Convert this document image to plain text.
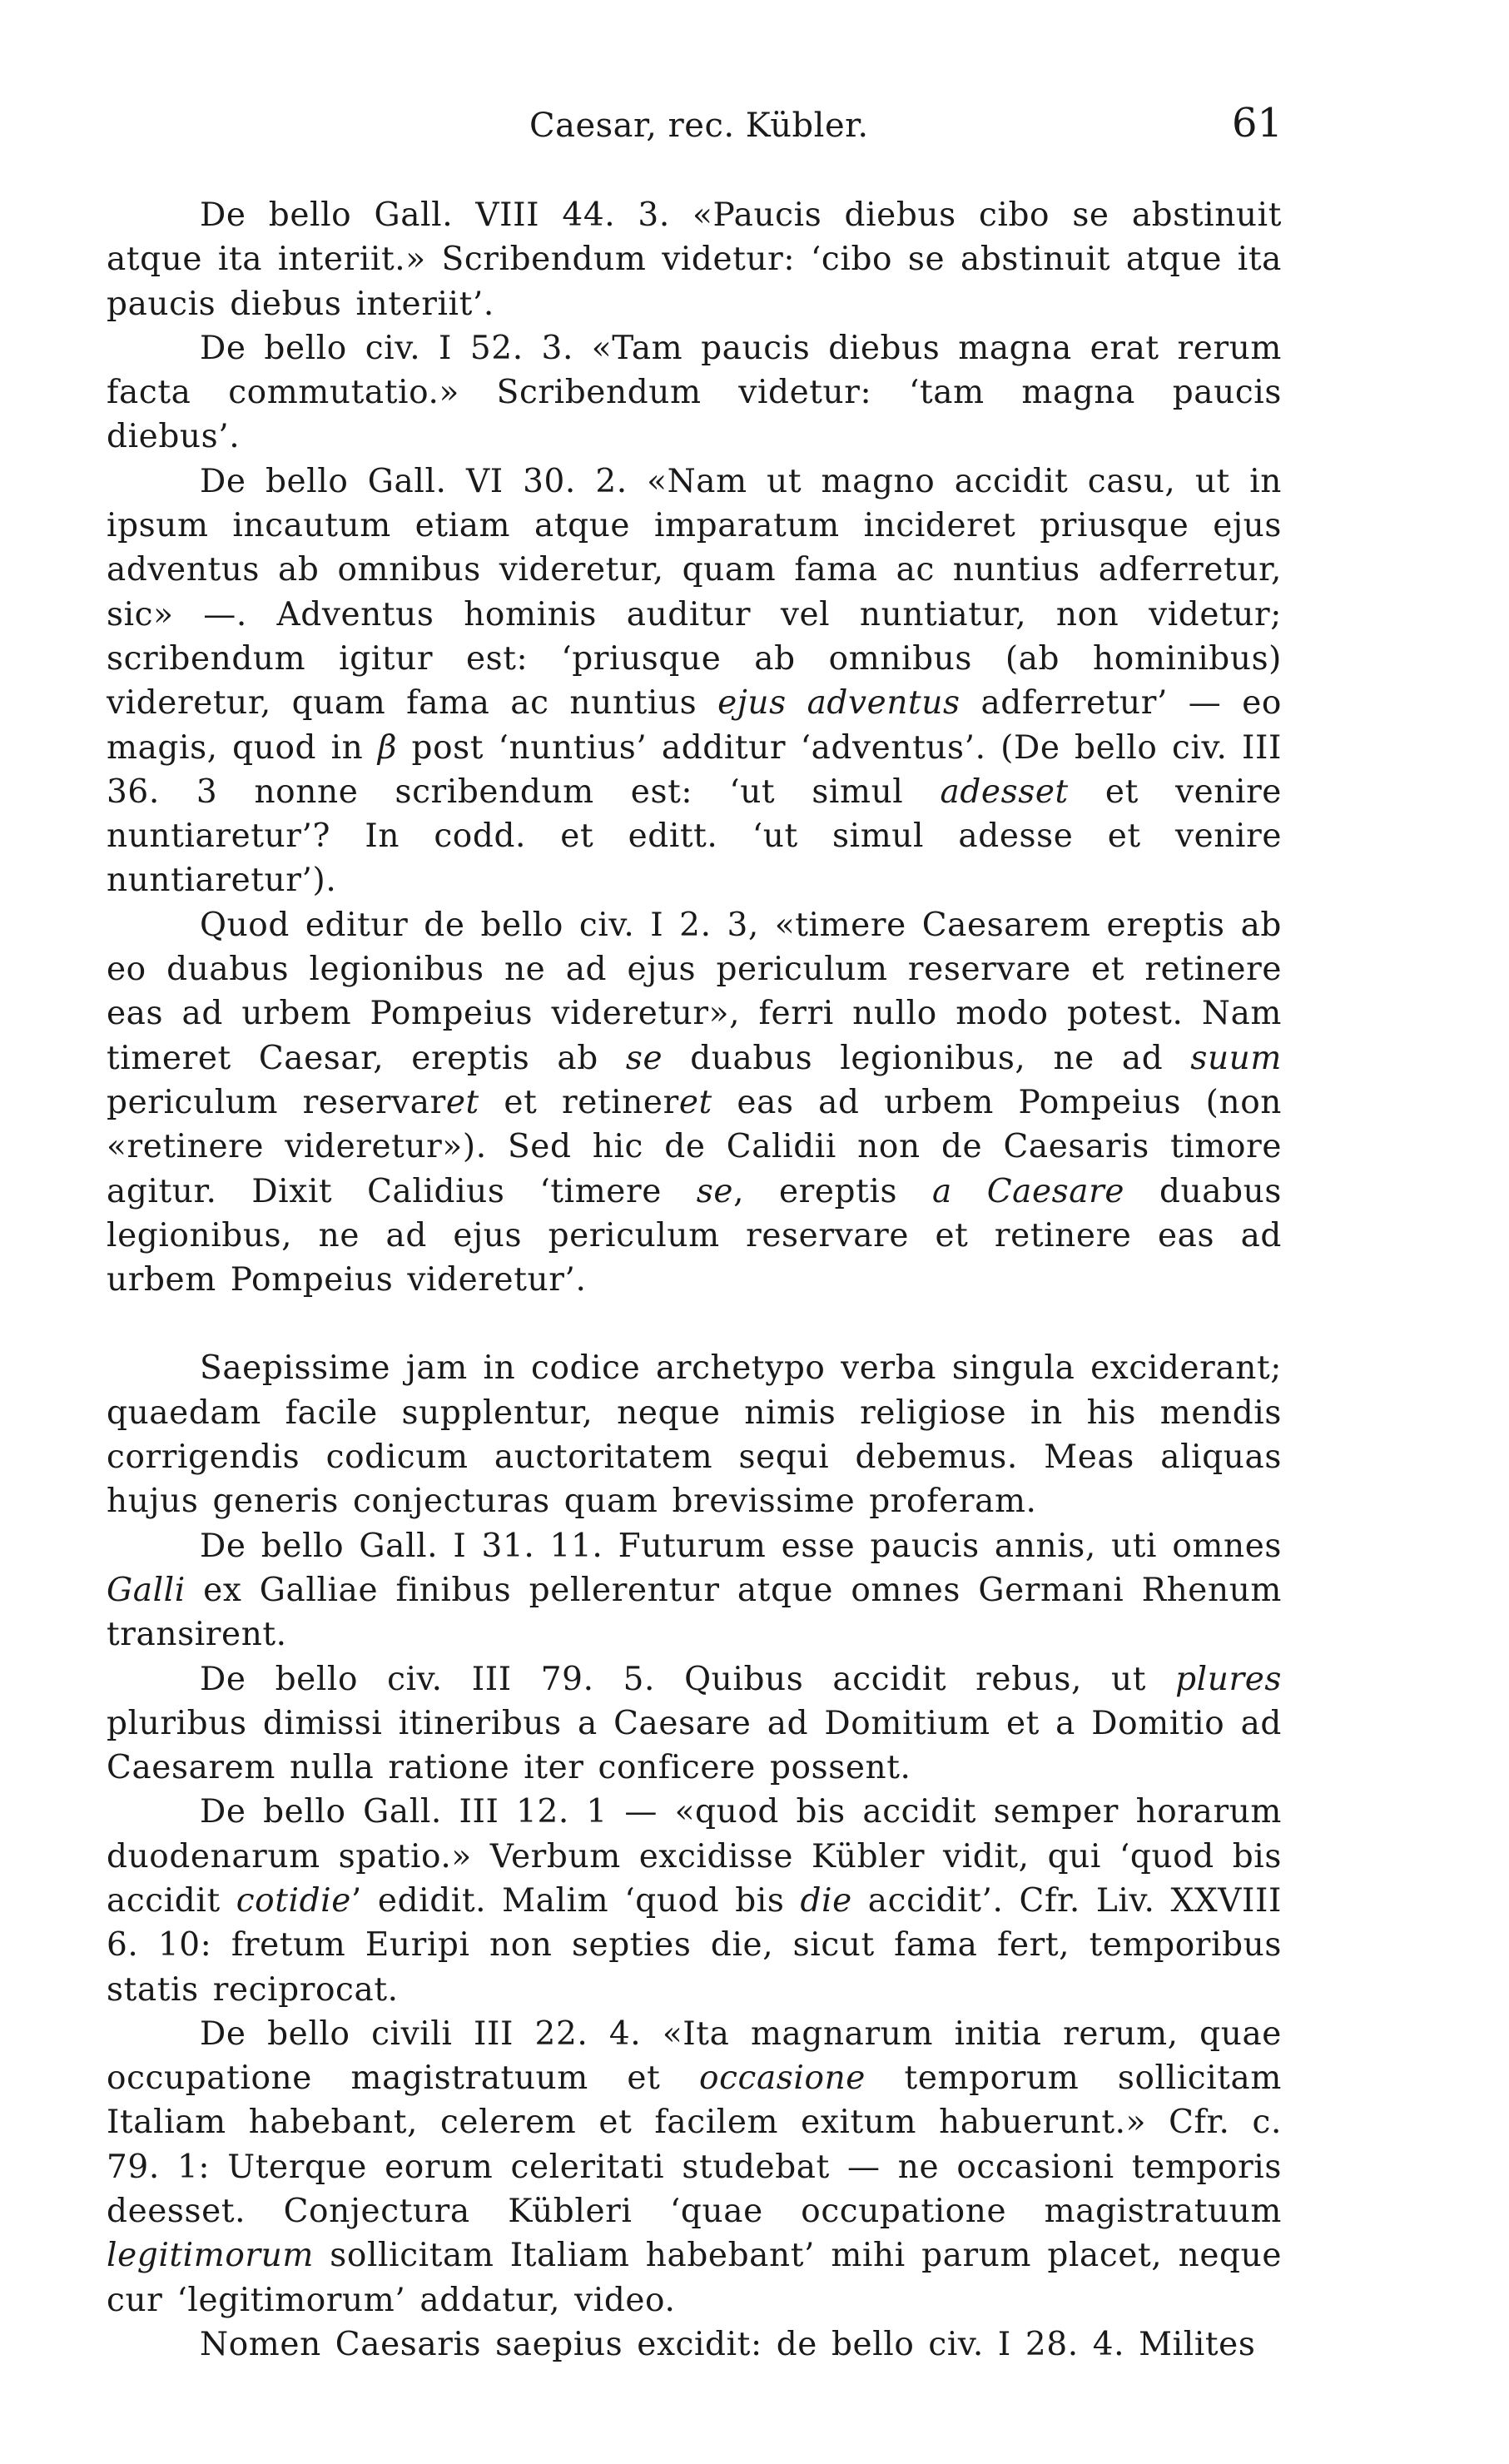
Caesar, rec. Kübler.	61

De bello Gall. VIII 44. 3. «Paucis diebus cibo se abstinuit atque ita interiit.» Scribendum videtur: ‘cibo se abstinuit atque ita paucis diebus interiit’.

De bello civ. I 52. 3. «Tam paucis diebus magna erat rerum facta commutatio.» Scribendum videtur: ‘tam magna paucis diebus’.

De bello Gall. VI 30. 2. «Nam ut magno accidit casu, ut in ipsum incautum etiam atque imparatum incideret priusque ejus adventus ab omnibus videretur, quam fama ac nuntius adferretur, sic» —. Adventus hominis auditur vel nuntiatur, non videtur; scribendum igitur est: ‘priusque ab omnibus (ab hominibus) videretur, quam fama ac nuntius ejus adventus adferretur’ — eo magis, quod in β post ‘nuntius’ additur ‘adventus’. (De bello civ. III 36. 3 nonne scribendum est: ‘ut simul adesset et venire nuntiaretur’? In codd. et editt. ‘ut simul adesse et venire nuntiaretur’).

Quod editur de bello civ. I 2. 3, «timere Caesarem ereptis ab eo duabus legionibus ne ad ejus periculum reservare et retinere eas ad urbem Pompeius videretur», ferri nullo modo potest. Nam timeret Caesar, ereptis ab se duabus legionibus, ne ad suum periculum reservaret et retineret eas ad urbem Pompeius (non «retinere videretur»). Sed hic de Calidii non de Caesaris timore agitur. Dixit Calidius ‘timere se, ereptis a Caesare duabus legionibus, ne ad ejus periculum reservare et retinere eas ad urbem Pompeius videretur’.

Saepissime jam in codice archetypo verba singula exciderant; quaedam facile supplentur, neque nimis religiose in his mendis corrigendis codicum auctoritatem sequi debemus. Meas aliquas hujus generis conjecturas quam brevissime proferam.

De bello Gall. I 31. 11. Futurum esse paucis annis, uti omnes Galli ex Galliae finibus pellerentur atque omnes Germani Rhenum transirent.

De bello civ. III 79. 5. Quibus accidit rebus, ut plures pluribus dimissi itineribus a Caesare ad Domitium et a Domitio ad Caesarem nulla ratione iter conficere possent.

De bello Gall. III 12. 1 — «quod bis accidit semper horarum duodenarum spatio.» Verbum excidisse Kübler vidit, qui ‘quod bis accidit cotidie’ edidit. Malim ‘quod bis die accidit’. Cfr. Liv. XXVIII 6. 10: fretum Euripi non septies die, sicut fama fert, temporibus statis reciprocat.

De bello civili III 22. 4. «Ita magnarum initia rerum, quae occupatione magistratuum et occasione temporum sollicitam Italiam habebant, celerem et facilem exitum habuerunt.» Cfr. c. 79. 1: Uterque eorum celeritati studebat — ne occasioni temporis deesset. Conjectura Kübleri ‘quae occupatione magistratuum legitimorum sollicitam Italiam habebant’ mihi parum placet, neque cur ‘legitimorum’ addatur, video.

Nomen Caesaris saepius excidit: de bello civ. I 28. 4. Milites
